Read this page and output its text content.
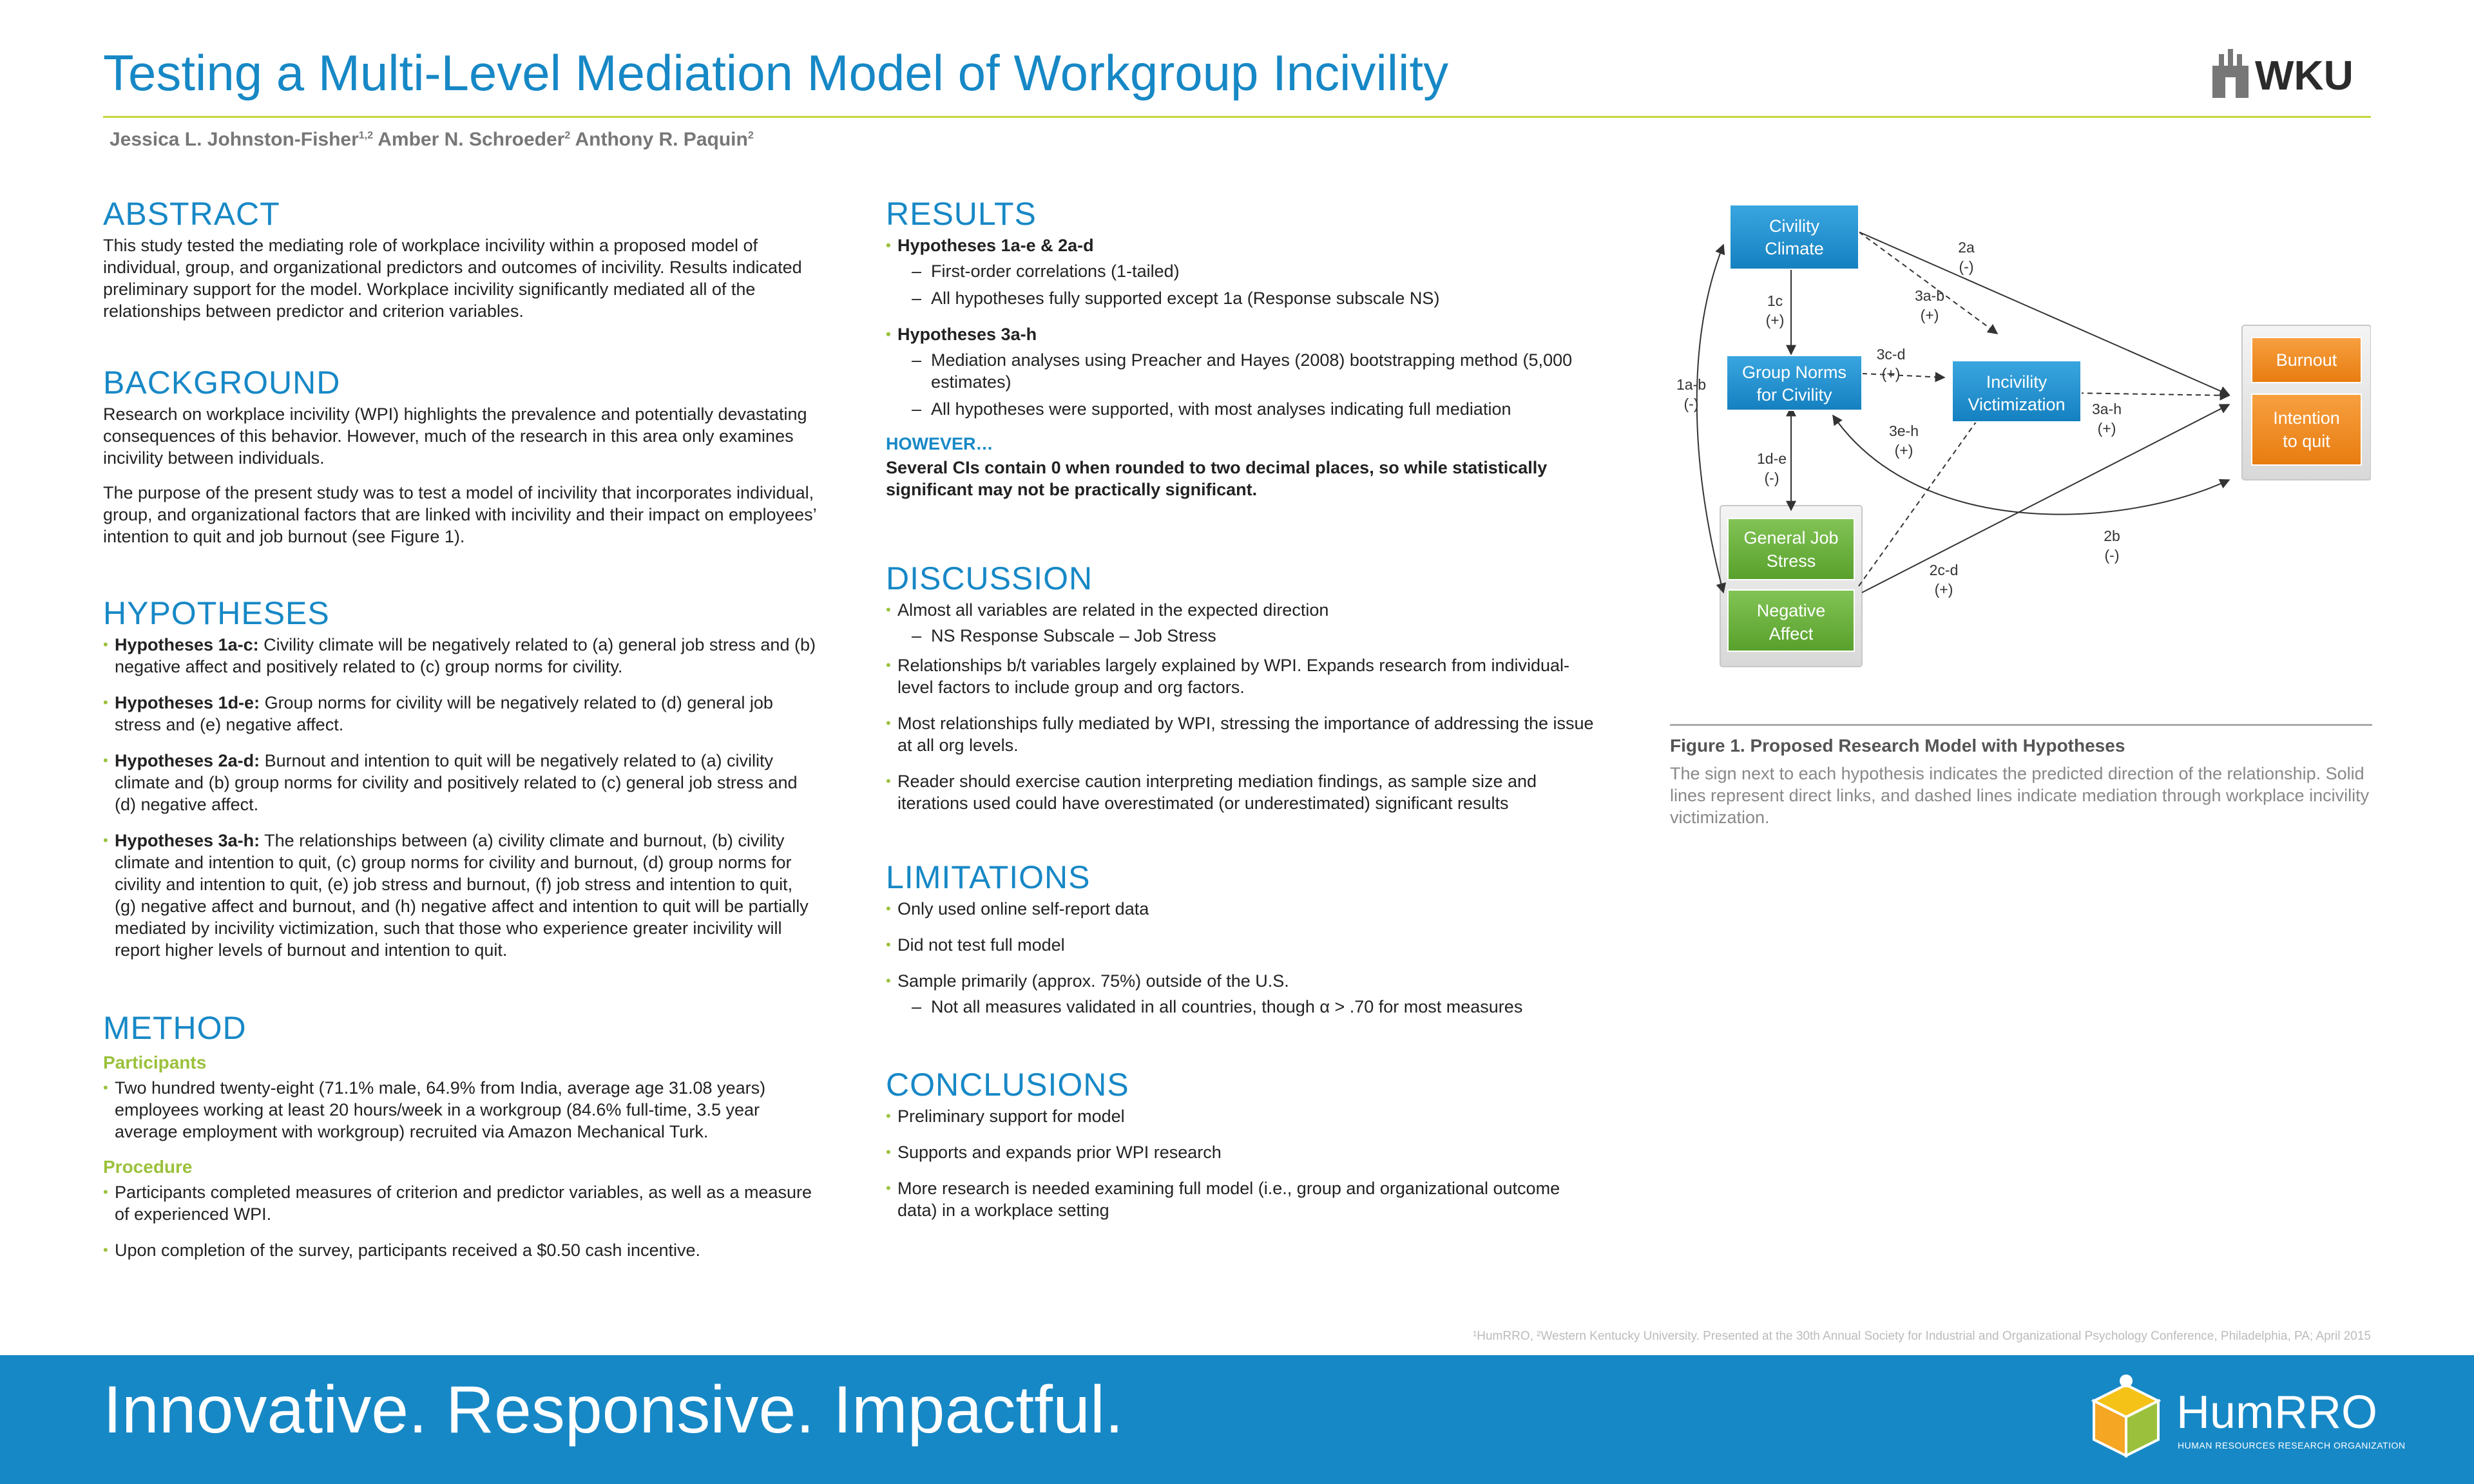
Testing a Multi-Level Mediation Model of Workgroup Incivility	WKU
Jessica L. Johnston-Fisher$^{1,2}$ Amber N. Schroeder$^2$ Anthony R. Paquin$^2$
ABSTRACT

This study tested the mediating role of workplace incivility within a proposed model of individual, group, and organizational predictors and outcomes of incivility. Results indicated preliminary support for the model. Workplace incivility significantly mediated all of the relationships between predictor and criterion variables.

BACKGROUND

Research on workplace incivility (WPI) highlights the prevalence and potentially devastating consequences of this behavior. However, much of the research in this area only examines incivility between individuals.

The purpose of the present study was to test a model of incivility that incorporates individual, group, and organizational factors that are linked with incivility and their impact on employees’ intention to quit and job burnout (see Figure 1).

HYPOTHESES
• Hypotheses 1a-c: Civility climate will be negatively related to (a) general job stress and (b) negative affect and positively related to (c) group norms for civility.
• Hypotheses 1d-e: Group norms for civility will be negatively related to (d) general job stress and (e) negative affect.
• Hypotheses 2a-d: Burnout and intention to quit will be negatively related to (a) civility climate and (b) group norms for civility and positively related to (c) general job stress and (d) negative affect.
• Hypotheses 3a-h: The relationships between (a) civility climate and burnout, (b) civility climate and intention to quit, (c) group norms for civility and burnout, (d) group norms for civility and intention to quit, (e) job stress and burnout, (f) job stress and intention to quit, (g) negative affect and burnout, and (h) negative affect and intention to quit will be partially mediated by incivility victimization, such that those who experience greater incivility will report higher levels of burnout and intention to quit.
METHOD
Participants
• Two hundred twenty-eight (71.1% male, 64.9% from India, average age 31.08 years) employees working at least 20 hours/week in a workgroup (84.6% full-time, 3.5 year average employment with workgroup) recruited via Amazon Mechanical Turk.
Procedure
• Participants completed measures of criterion and predictor variables, as well as a measure of experienced WPI.
• Upon completion of the survey, participants received a $0.50 cash incentive.
RESULTS
• Hypotheses 1a-e & 2a-d
– First-order correlations (1-tailed)
– All hypotheses fully supported except 1a (Response subscale NS)
• Hypotheses 3a-h
– Mediation analyses using Preacher and Hayes (2008) bootstrapping method (5,000 estimates)
– All hypotheses were supported, with most analyses indicating full mediation
HOWEVER…

Several CIs contain 0 when rounded to two decimal places, so while statistically significant may not be practically significant.

DISCUSSION
• Almost all variables are related in the expected direction
– NS Response Subscale – Job Stress
• Relationships b/t variables largely explained by WPI. Expands research from individual-level factors to include group and org factors.
• Most relationships fully mediated by WPI, stressing the importance of addressing the issue at all org levels.
• Reader should exercise caution interpreting mediation findings, as sample size and iterations used could have overestimated (or underestimated) significant results
LIMITATIONS
• Only used online self-report data
• Did not test full model
• Sample primarily (approx. 75%) outside of the U.S.
– Not all measures validated in all countries, though α > .70 for most measures
CONCLUSIONS
• Preliminary support for model
• Supports and expands prior WPI research
• More research is needed examining full model (i.e., group and organizational outcome data) in a workplace setting
Civility
Climate
Group Norms
for Civility
Incivility
Victimization
General Job
Stress
Negative
Affect
Burnout
Intention
to quit
2a
(-)
3a-b
(+)
1c
(+)
3c-d
(+)
1a-b
(-)	3a-h
(+)
3e-h
(+)
1d-e
(-)
2b
(-)
2c-d
(+)
Figure 1. Proposed Research Model with Hypotheses
The sign next to each hypothesis indicates the predicted direction of the relationship. Solid lines represent direct links, and dashed lines indicate mediation through workplace incivility victimization.
¹HumRRO, ²Western Kentucky University. Presented at the 30th Annual Society for Industrial and Organizational Psychology Conference, Philadelphia, PA; April 2015
Innovative. Responsive. Impactful.	HumRRO
HUMAN RESOURCES RESEARCH ORGANIZATION
